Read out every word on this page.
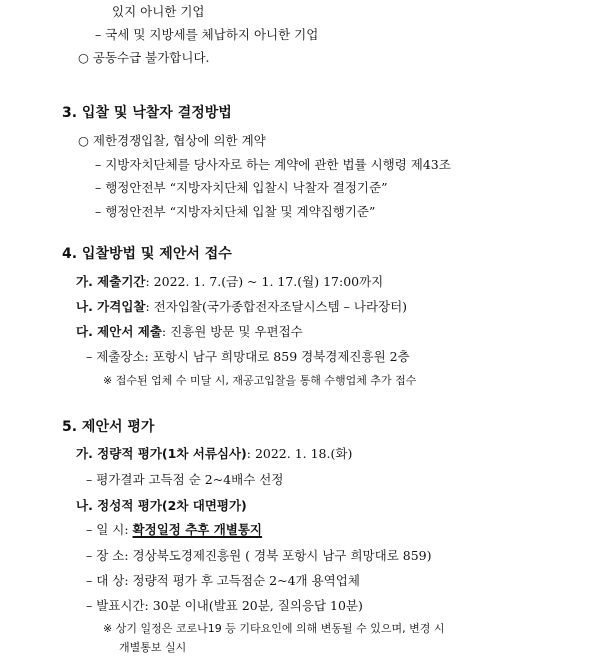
있지 아니한 기업
– 국세 및 지방세를 체납하지 아니한 기업
○ 공동수급 불가합니다.
3. 입찰 및 낙찰자 결정방법
○ 제한경쟁입찰, 협상에 의한 계약
– 지방자치단체를 당사자로 하는 계약에 관한 법률 시행령 제43조
– 행정안전부 “지방자치단체 입찰시 낙찰자 결정기준”
– 행정안전부 “지방자치단체 입찰 및 계약집행기준”
4. 입찰방법 및 제안서 접수
가. 제출기간: 2022. 1. 7.(금) ~ 1. 17.(월) 17:00까지
나. 가격입찰: 전자입찰(국가종합전자조달시스템 – 나라장터)
다. 제안서 제출: 진흥원 방문 및 우편접수
– 제출장소: 포항시 남구 희망대로 859 경북경제진흥원 2층
※ 접수된 업체 수 미달 시, 재공고입찰을 통해 수행업체 추가 접수
5. 제안서 평가
가. 정량적 평가(1차 서류심사): 2022. 1. 18.(화)
– 평가결과 고득점 순 2~4배수 선정
나. 정성적 평가(2차 대면평가)
– 일 시: 확정일정 추후 개별통지
– 장 소: 경상북도경제진흥원 ( 경북 포항시 남구 희망대로 859)
– 대 상: 정량적 평가 후 고득점순 2~4개 용역업체
– 발표시간: 30분 이내(발표 20분, 질의응답 10분)
※ 상기 일정은 코로나19 등 기타요인에 의해 변동될 수 있으며, 변경 시
개별통보 실시
